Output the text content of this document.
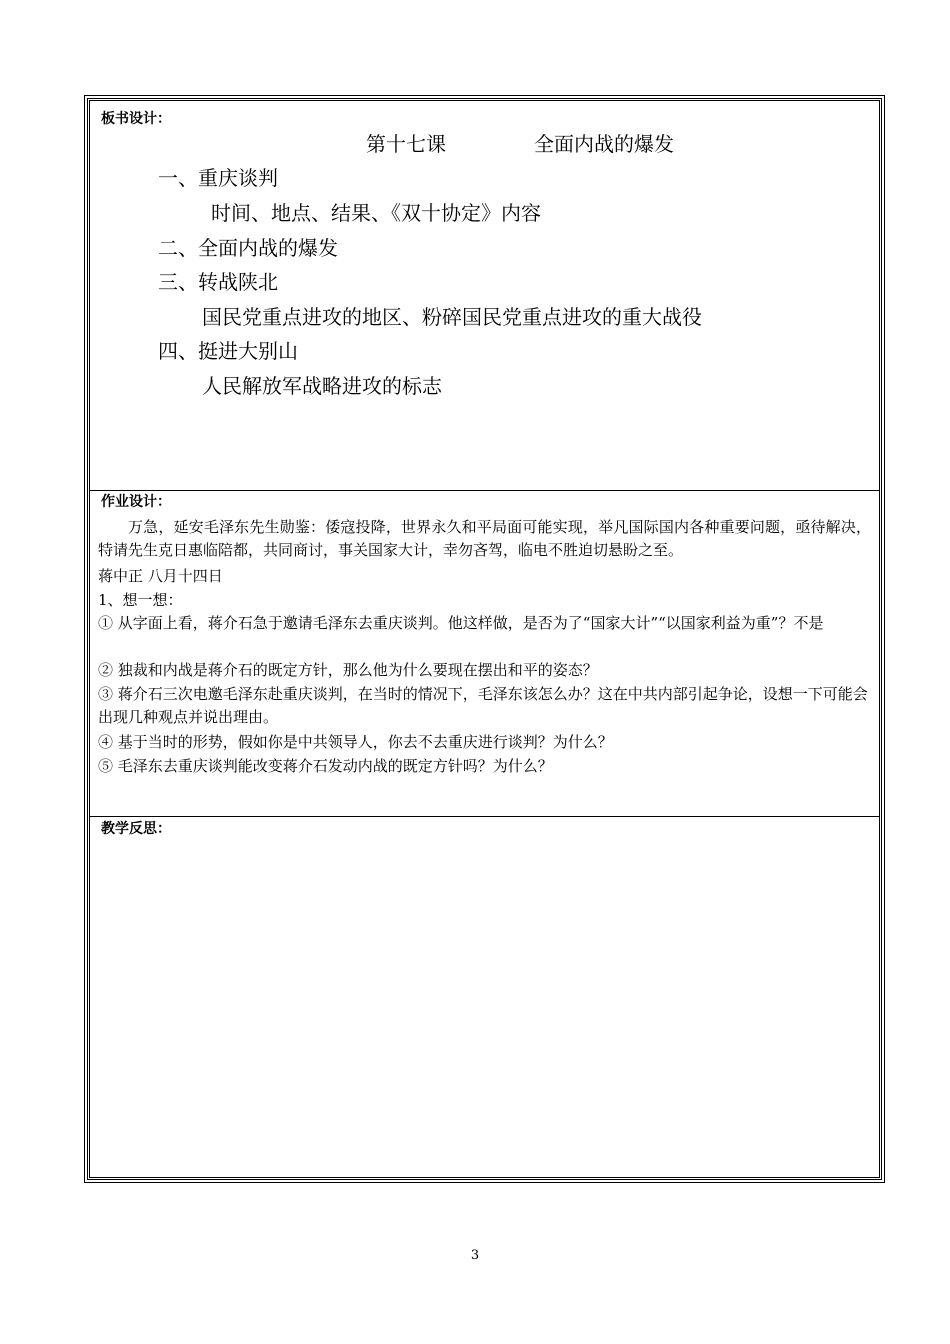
板书设计：
第十七课	全面内战的爆发
一、重庆谈判
时间、地点、结果、《双十协定》内容
二、全面内战的爆发
三、转战陕北
国民党重点进攻的地区、粉碎国民党重点进攻的重大战役
四、挺进大别山
人民解放军战略进攻的标志
作业设计：
万急，延安毛泽东先生勋鉴：倭寇投降，世界永久和平局面可能实现，举凡国际国内各种重要问题，亟待解决，特请先生克日惠临陪都，共同商讨，事关国家大计，幸勿吝驾，临电不胜迫切悬盼之至。
蒋中正 八月十四日
1、想一想：
① 从字面上看，蒋介石急于邀请毛泽东去重庆谈判。他这样做，是否为了“国家大计”“以国家利益为重”？不是
② 独裁和内战是蒋介石的既定方针，那么他为什么要现在摆出和平的姿态？
③ 蒋介石三次电邀毛泽东赴重庆谈判，在当时的情况下，毛泽东该怎么办？这在中共内部引起争论，设想一下可能会出现几种观点并说出理由。
④ 基于当时的形势，假如你是中共领导人，你去不去重庆进行谈判？为什么？
⑤ 毛泽东去重庆谈判能改变蒋介石发动内战的既定方针吗？为什么？
教学反思：
3
